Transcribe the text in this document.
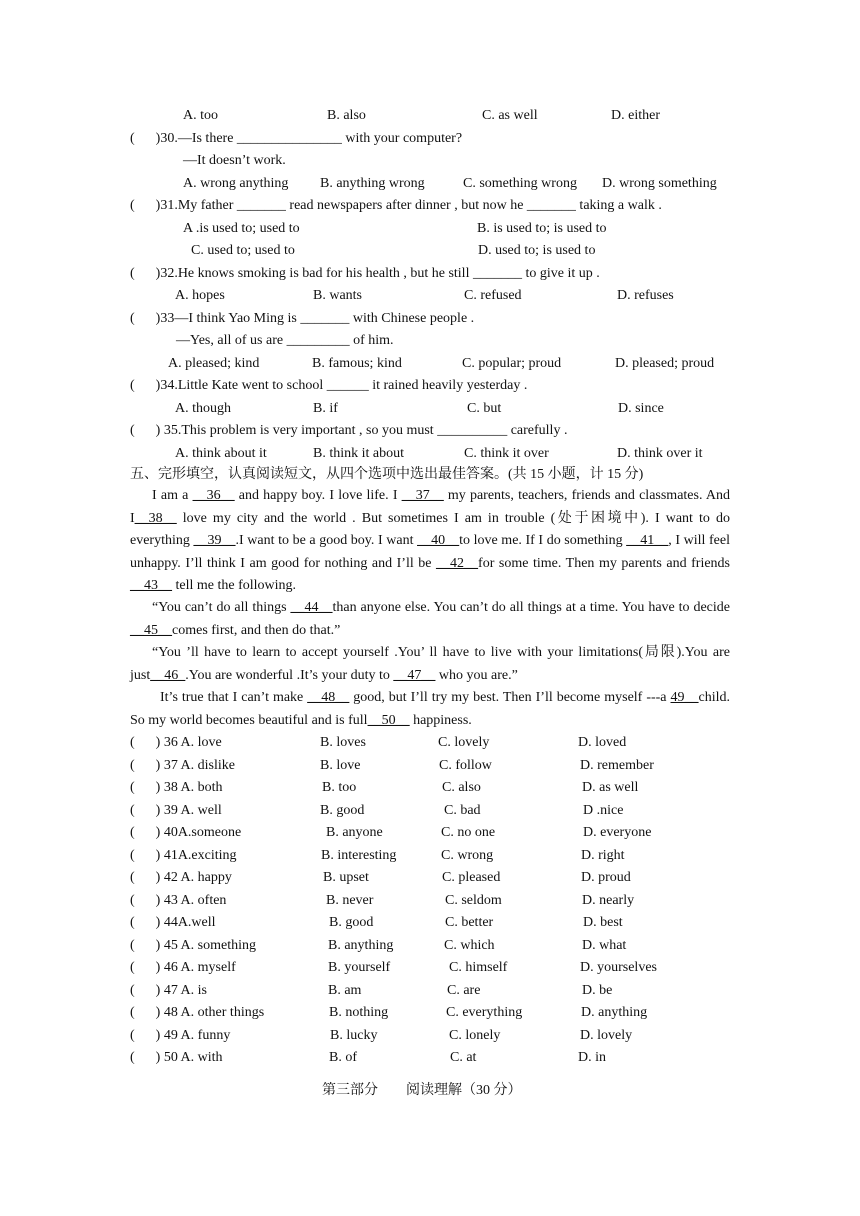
A. too	B. also	C. as well	D. either
(      )30.—Is there _______________ with your computer?
—It doesn’t work.
A. wrong anything B. anything wrong	C. something wrong D. wrong something
(      )31.My father _______ read newspapers after dinner , but now he _______ taking a walk .
A .is used to; used to	B. is used to; is used to
C. used to; used to	D. used to; is used to
(      )32.He knows smoking is bad for his health , but he still _______ to give it up .
A. hopes	B. wants	C. refused	D. refuses
(      )33—I think Yao Ming is _______ with Chinese people .
—Yes, all of us are _________ of him.
A. pleased; kind	B. famous; kind	C. popular; proud	D. pleased; proud
(      )34.Little Kate went to school ______ it rained heavily yesterday .
A. though	B. if	C. but	D. since
(      ) 35.This problem is very important , so you must __________ carefully .
A. think about it	B. think it about	C. think it over	D. think over it
五、完形填空，认真阅读短文，从四个选项中选出最佳答案。(共 15 小题，计 15 分)
I am a __36__ and happy boy. I love life. I __37__ my parents, teachers, friends and classmates. And I__38__ love my city and the world . But sometimes I am in trouble (处于困境中). I want to do everything __39__.I want to be a good boy. I want __40__to love me. If I do something __41__, I will feel unhappy. I’ll think I am good for nothing and I’ll be __42__for some time. Then my parents and friends __43__ tell me the following.
“You can’t do all things __44__than anyone else. You can’t do all things at a time. You have to decide __45__comes first, and then do that.”
“You ’ll have to learn to accept yourself .You’ ll have to live with your limitations(局限).You are just__46_.You are wonderful .It’s your duty to __47__ who you are.”
It’s true that I can’t make __48__ good, but I’ll try my best. Then I’ll become myself ---a 49__child. So my world becomes beautiful and is full__50__ happiness.
(      ) 36 A. love	B. loves	C. lovely	D. loved
(      ) 37 A. dislike	B. love	C. follow	D. remember
(      ) 38 A. both	B. too	C. also	D. as well
(      ) 39 A. well	B. good	C. bad	D .nice
(      ) 40A.someone	B. anyone	C. no one	D. everyone
(      ) 41A.exciting	B. interesting	C. wrong	D. right
(      ) 42 A. happy	B. upset	C. pleased	D. proud
(      ) 43 A. often	B. never	C. seldom	D. nearly
(      ) 44A.well	B. good	C. better	D. best
(      ) 45 A. something	B. anything	C. which	D. what
(      ) 46 A. myself	B. yourself	C. himself	D. yourselves
(      ) 47 A. is	B. am	C. are	D. be
(      ) 48 A. other things	B. nothing	C. everything	D. anything
(      ) 49 A. funny	B. lucky	C. lonely	D. lovely
(      ) 50 A. with	B. of	C. at	D. in
第三部分　　阅读理解（30 分）
